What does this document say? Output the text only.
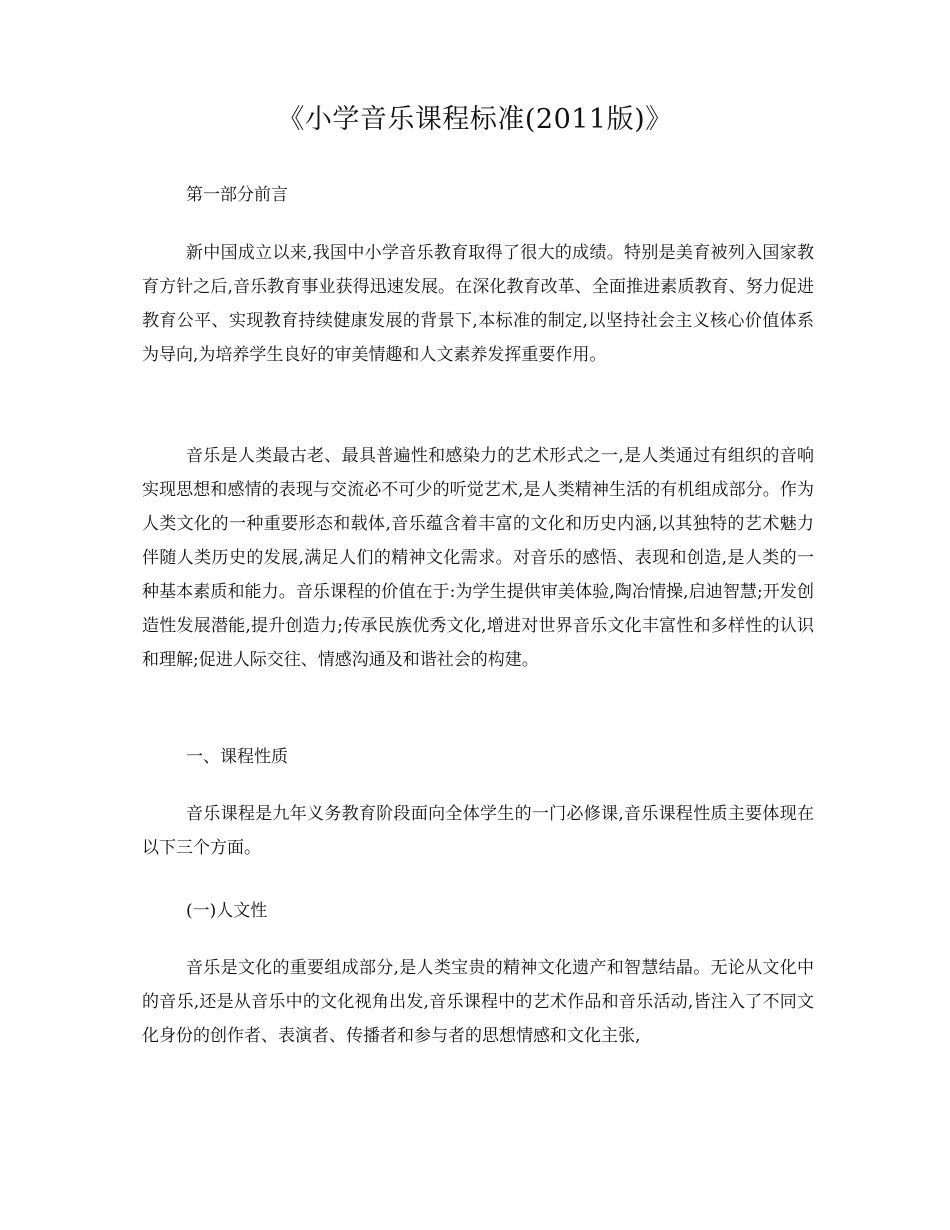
《小学音乐课程标准(2011版)》

第一部分前言

新中国成立以来,我国中小学音乐教育取得了很大的成绩。特别是美育被列入国家教育方针之后,音乐教育事业获得迅速发展。在深化教育改革、全面推进素质教育、努力促进教育公平、实现教育持续健康发展的背景下,本标准的制定,以坚持社会主义核心价值体系为导向,为培养学生良好的审美情趣和人文素养发挥重要作用。

音乐是人类最古老、最具普遍性和感染力的艺术形式之一,是人类通过有组织的音响实现思想和感情的表现与交流必不可少的听觉艺术,是人类精神生活的有机组成部分。作为人类文化的一种重要形态和载体,音乐蕴含着丰富的文化和历史内涵,以其独特的艺术魅力伴随人类历史的发展,满足人们的精神文化需求。对音乐的感悟、表现和创造,是人类的一种基本素质和能力。音乐课程的价值在于:为学生提供审美体验,陶冶情操,启迪智慧;开发创造性发展潜能,提升创造力;传承民族优秀文化,增进对世界音乐文化丰富性和多样性的认识和理解;促进人际交往、情感沟通及和谐社会的构建。

一、课程性质

音乐课程是九年义务教育阶段面向全体学生的一门必修课,音乐课程性质主要体现在以下三个方面。

(一)人文性

音乐是文化的重要组成部分,是人类宝贵的精神文化遗产和智慧结晶。无论从文化中的音乐,还是从音乐中的文化视角出发,音乐课程中的艺术作品和音乐活动,皆注入了不同文化身份的创作者、表演者、传播者和参与者的思想情感和文化主张,
